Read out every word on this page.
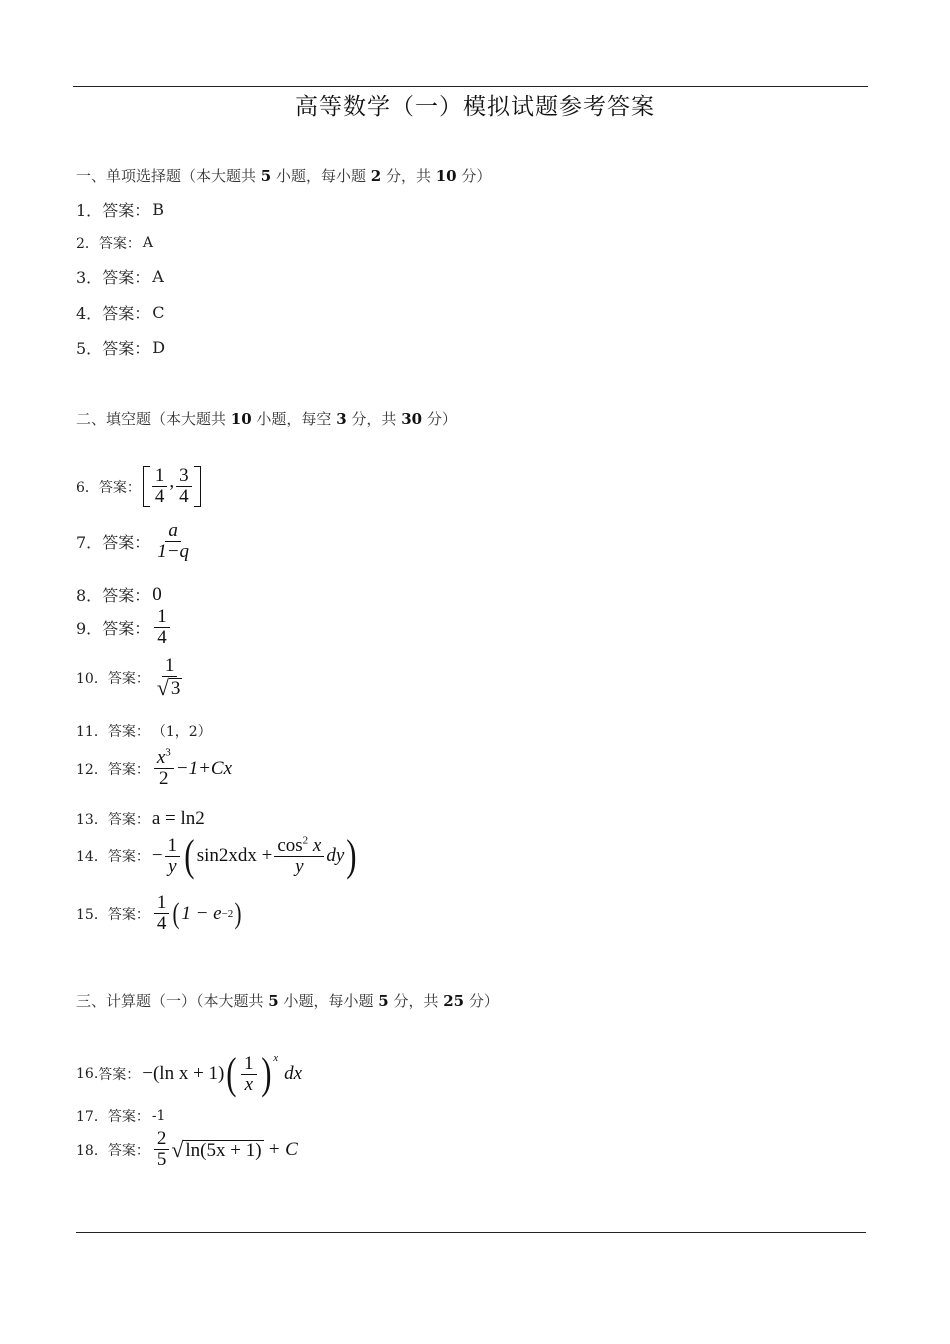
高等数学（一）模拟试题参考答案
一、单项选择题（本大题共 5 小题，每小题 2 分，共 10 分）
1． 答案： B
2． 答案： A
3． 答案： A
4． 答案： C
5． 答案： D
二、填空题（本大题共 10 小题，每空 3 分，共 30 分）
6． 答案： $\frac{1}{4}$ , $\frac{3}{4}$
7． 答案： $\frac{a}{1-q}$
8． 答案： 0
9． 答案： $\frac{1}{4}$
10． 答案： $\frac{1}{√ 3}$
11． 答案： （1，2）
12． 答案： $\frac{x^3}{2} -1+Cx$
13． 答案： a = ln2
14． 答案： − $\frac{1}{y}$ ( $\sin 2xdx + \frac{\cos^2 x}{y}$ dy )
15． 答案： $\frac{1}{4}$ ( 1 − e −2 )
三、计算题（一）（本大题共 5 小题，每小题 5 分，共 25 分）
16. 答案： −(ln x + 1) ( $\frac{1}{x} )^x$
dx
17． 答案： -1
18． 答案： $\frac{2}{5}$ √ ln(5x + 1) + C
